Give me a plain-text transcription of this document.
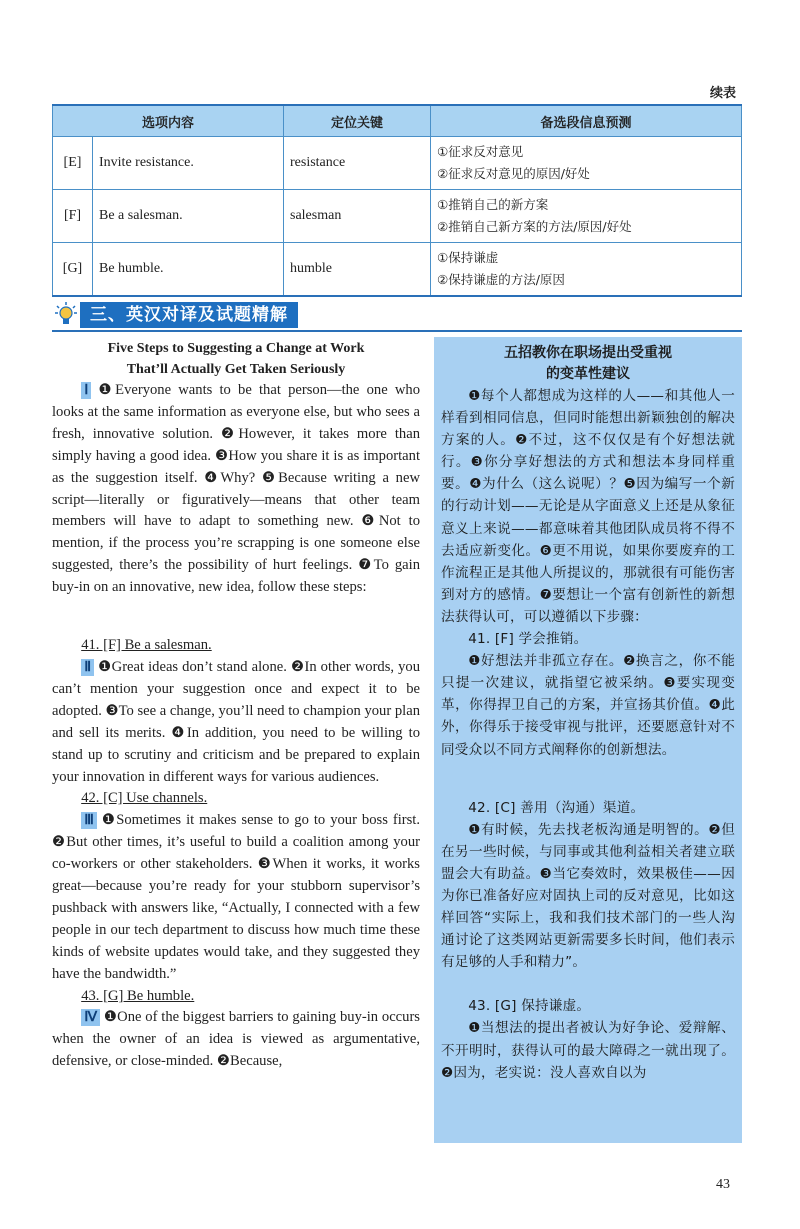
续表
选项内容		定位关键	备选段信息预测
[E]	Invite resistance.	resistance	①征求反对意见
②征求反对意见的原因/好处

[F]	Be a salesman.	salesman	①推销自己的新方案
②推销自己新方案的方法/原因/好处

[G]	Be humble.	humble	①保持谦虚
②保持谦虚的方法/原因
三、英汉对译及试题精解
Five Steps to Suggesting a Change at Work
That’ll Actually Get Taken Seriously

Ⅰ ❶Everyone wants to be that person—the one who looks at the same information as everyone else, but who sees a fresh, innovative solution. ❷However, it takes more than simply having a good idea. ❸How you share it is as important as the suggestion itself. ❹Why? ❺Because writing a new script—literally or figuratively—means that other team members will have to adapt to something new. ❻Not to mention, if the process you’re scrapping is one someone else suggested, there’s the possibility of hurt feelings. ❼To gain buy-in on an innovative, new idea, follow these steps:

41. [F] Be a salesman.

Ⅱ ❶Great ideas don’t stand alone. ❷In other words, you can’t mention your suggestion once and expect it to be adopted. ❸To see a change, you’ll need to champion your plan and sell its merits. ❹In addition, you need to be willing to stand up to scrutiny and criticism and be prepared to explain your innovation in different ways for various audiences.

42. [C] Use channels.

Ⅲ ❶Sometimes it makes sense to go to your boss first. ❷But other times, it’s useful to build a coalition among your co-workers or other stakeholders. ❸When it works, it works great—because you’re ready for your stubborn supervisor’s pushback with answers like, “Actually, I connected with a few people in our tech department to discuss how much time these kinds of website updates would take, and they suggested they have the bandwidth.”

43. [G] Be humble.

Ⅳ ❶One of the biggest barriers to gaining buy-in occurs when the owner of an idea is viewed as argumentative, defensive, or close-minded. ❷Because,

五招教你在职场提出受重视
的变革性建议

❶每个人都想成为这样的人——和其他人一样看到相同信息，但同时能想出新颖独创的解决方案的人。❷不过，这不仅仅是有个好想法就行。❸你分享好想法的方式和想法本身同样重要。❹为什么（这么说呢）？❺因为编写一个新的行动计划——无论是从字面意义上还是从象征意义上来说——都意味着其他团队成员将不得不去适应新变化。❻更不用说，如果你要废弃的工作流程正是其他人所提议的，那就很有可能伤害到对方的感情。❼要想让一个富有创新性的新想法获得认可，可以遵循以下步骤：

41. [F] 学会推销。

❶好想法并非孤立存在。❷换言之，你不能只提一次建议，就指望它被采纳。❸要实现变革，你得捍卫自己的方案，并宣扬其价值。❹此外，你得乐于接受审视与批评，还要愿意针对不同受众以不同方式阐释你的创新想法。

42. [C] 善用（沟通）渠道。

❶有时候，先去找老板沟通是明智的。❷但在另一些时候，与同事或其他利益相关者建立联盟会大有助益。❸当它奏效时，效果极佳——因为你已准备好应对固执上司的反对意见，比如这样回答“实际上，我和我们技术部门的一些人沟通讨论了这类网站更新需要多长时间，他们表示有足够的人手和精力”。

43. [G] 保持谦虚。

❶当想法的提出者被认为好争论、爱辩解、不开明时，获得认可的最大障碍之一就出现了。❷因为，老实说：没人喜欢自以为

43
